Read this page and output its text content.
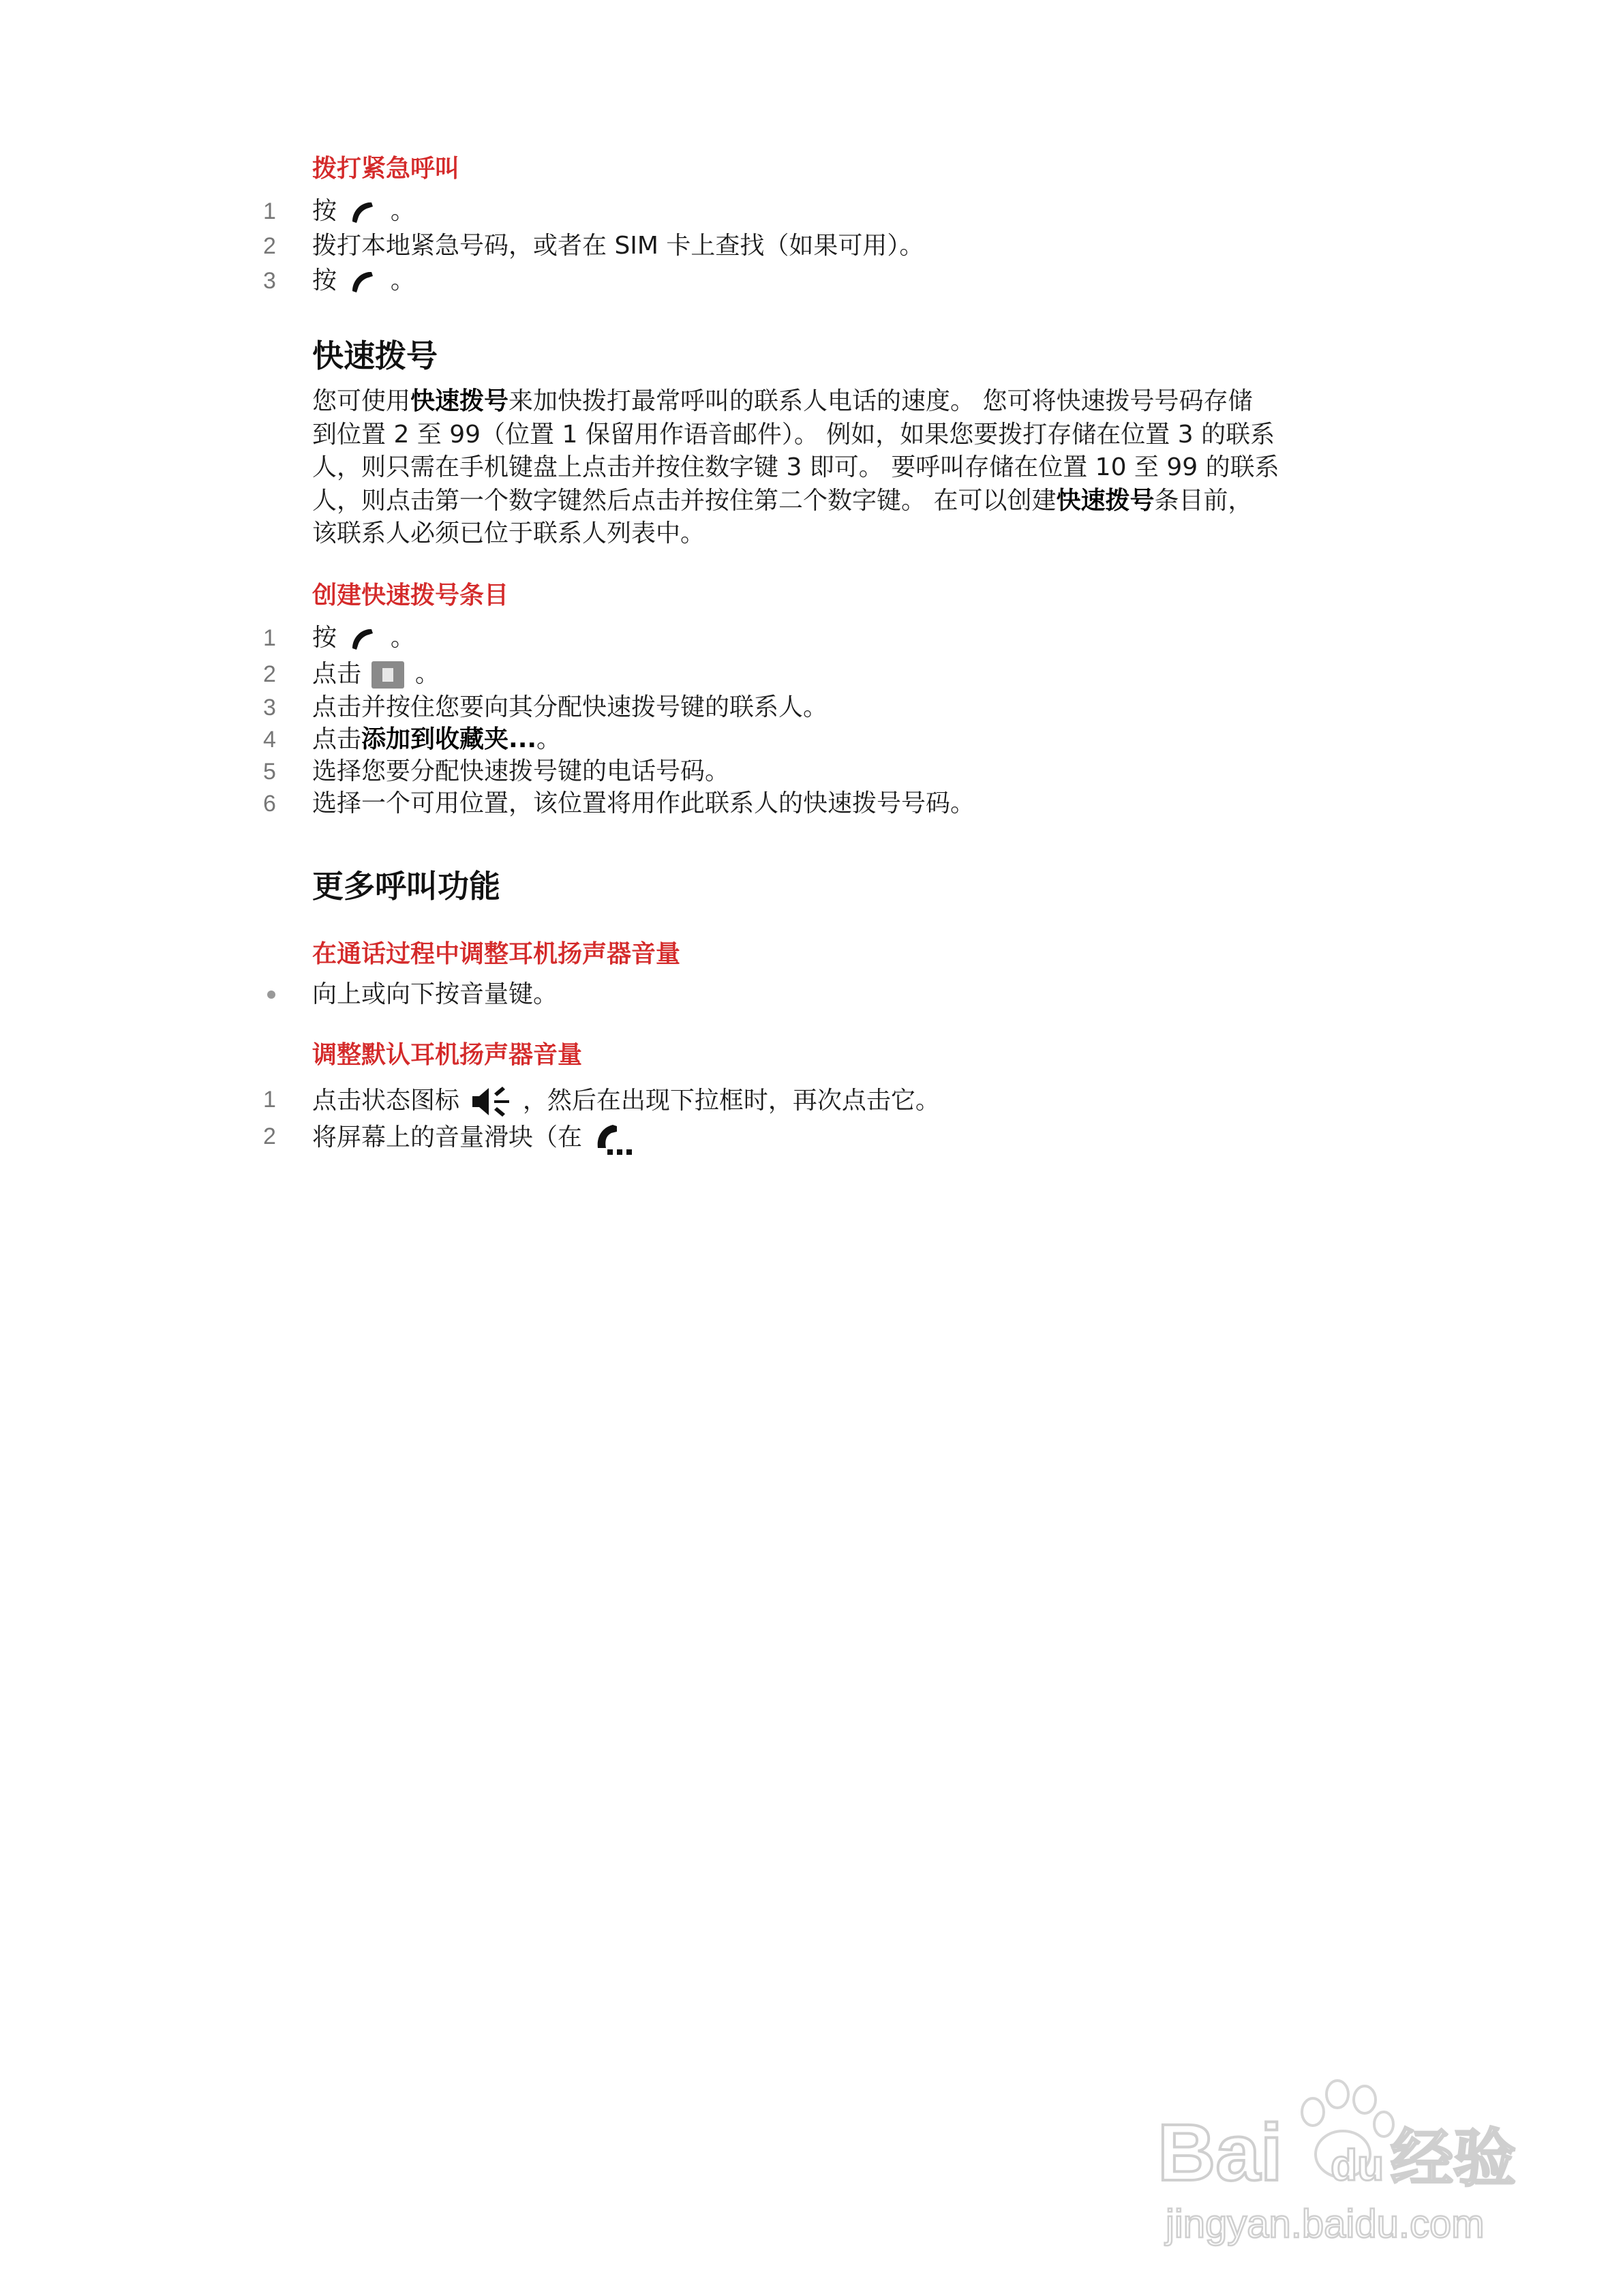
拨打紧急呼叫
1	按 。
2	拨打本地紧急号码，或者在 SIM 卡上查找（如果可用）。
3	按 。
快速拨号
您可使用快速拨号来加快拨打最常呼叫的联系人电话的速度。 您可将快速拨号号码存储
到位置 2 至 99（位置 1 保留用作语音邮件）。 例如，如果您要拨打存储在位置 3 的联系
人，则只需在手机键盘上点击并按住数字键 3 即可。 要呼叫存储在位置 10 至 99 的联系
人，则点击第一个数字键然后点击并按住第二个数字键。 在可以创建快速拨号条目前，
该联系人必须已位于联系人列表中。
创建快速拨号条目
1	按 。
2	点击 。
3	点击并按住您要向其分配快速拨号键的联系人。
4	点击添加到收藏夹...。
5	选择您要分配快速拨号键的电话号码。
6	选择一个可用位置，该位置将用作此联系人的快速拨号号码。
更多呼叫功能
在通话过程中调整耳机扬声器音量
向上或向下按音量键。
调整默认耳机扬声器音量
1	点击状态图标	，然后在出现下拉框时，再次点击它。
2	将屏幕上的音量滑块（在
Bai du 经验
jingyan.baidu.com
